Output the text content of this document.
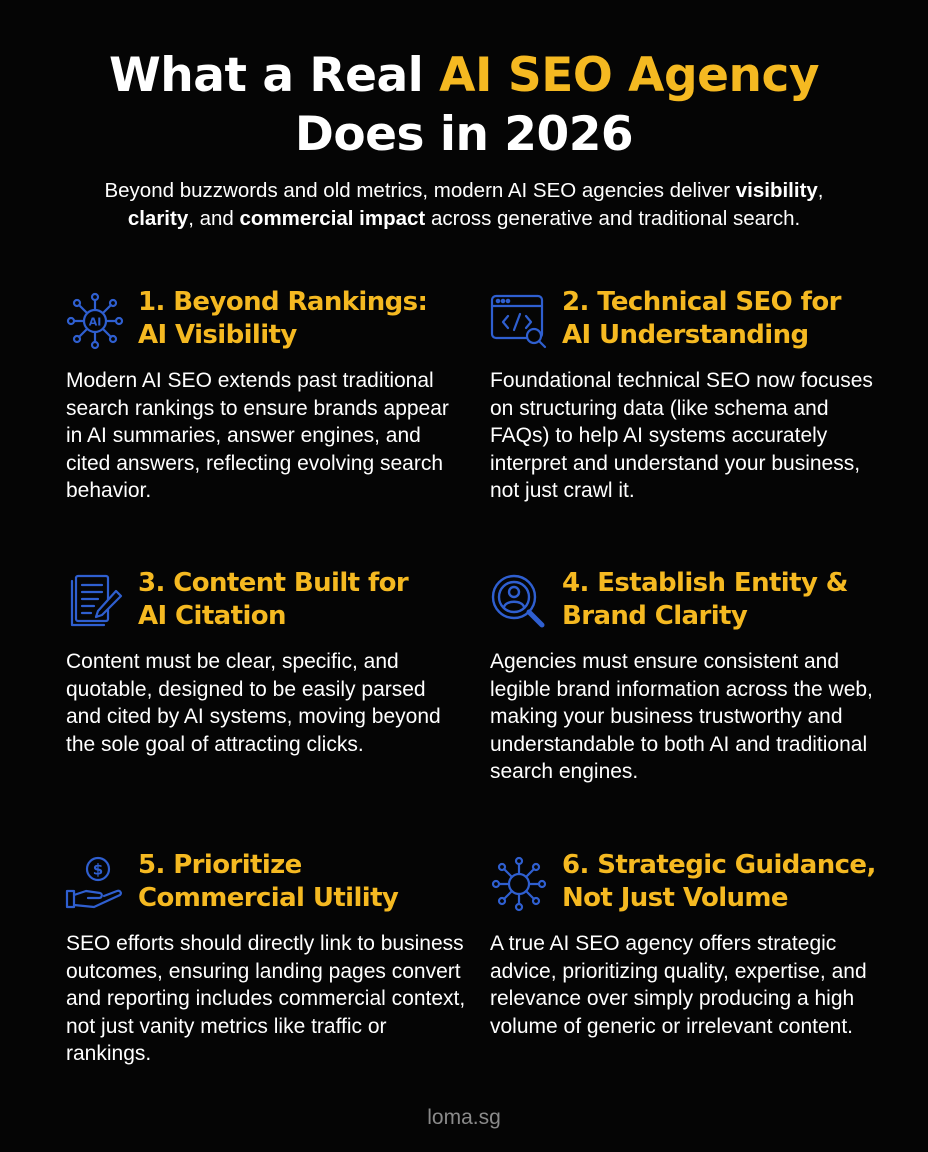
What a Real AI SEO Agency
Does in 2026

Beyond buzzwords and old metrics, modern AI SEO agencies deliver visibility,
clarity, and commercial impact across generative and traditional search.

AI
1. Beyond Rankings:
AI Visibility

Modern AI SEO extends past traditional search rankings to ensure brands appear in AI summaries, answer engines, and cited answers, reflecting evolving search behavior.

2. Technical SEO for
AI Understanding

Foundational technical SEO now focuses on structuring data (like schema and FAQs) to help AI systems accurately interpret and understand your business, not just crawl it.

3. Content Built for
AI Citation

Content must be clear, specific, and quotable, designed to be easily parsed and cited by AI systems, moving beyond the sole goal of attracting clicks.

4. Establish Entity &
Brand Clarity

Agencies must ensure consistent and legible brand information across the web, making your business trustworthy and understandable to both AI and traditional search engines.

$ 5. Prioritize
Commercial Utility

SEO efforts should directly link to business outcomes, ensuring landing pages convert and reporting includes commercial context, not just vanity metrics like traffic or rankings.

6. Strategic Guidance,
Not Just Volume

A true AI SEO agency offers strategic advice, prioritizing quality, expertise, and relevance over simply producing a high volume of generic or irrelevant content.

loma.sg
